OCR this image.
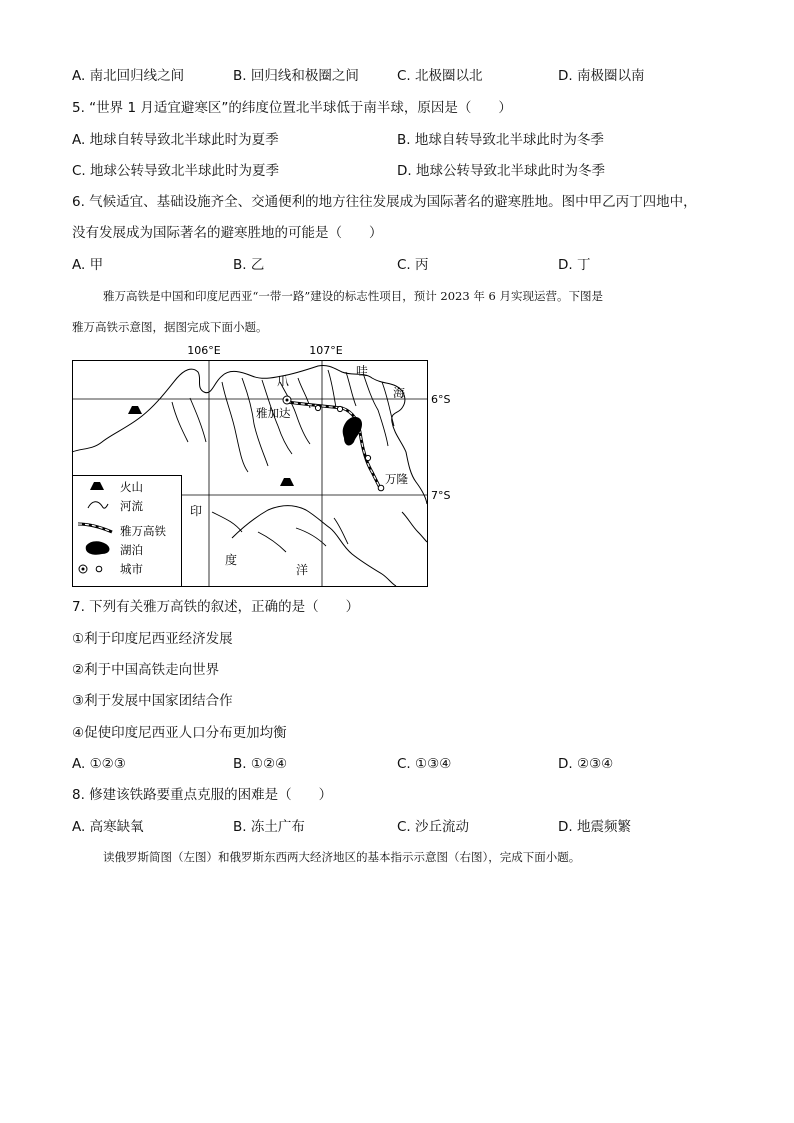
A. 南北回归线之间	B. 回归线和极圈之间	C. 北极圈以北	D. 南极圈以南
5. “世界 1 月适宜避寒区”的纬度位置北半球低于南半球，原因是（　　）
A. 地球自转导致北半球此时为夏季	B. 地球自转导致北半球此时为冬季
C. 地球公转导致北半球此时为夏季	D. 地球公转导致北半球此时为冬季
6. 气候适宜、基础设施齐全、交通便利的地方往往发展成为国际著名的避寒胜地。图中甲乙丙丁四地中，
没有发展成为国际著名的避寒胜地的可能是（　　）
A. 甲	B. 乙	C. 丙	D. 丁
雅万高铁是中国和印度尼西亚“一带一路”建设的标志性项目，预计 2023 年 6 月实现运营。下图是
雅万高铁示意图，据图完成下面小题。
106°E	107°E
爪
哇
海
雅加达
万隆
印
度
洋
6°S
7°S
火山
河流
雅万高铁
湖泊
城市
7. 下列有关雅万高铁的叙述，正确的是（　　）
①利于印度尼西亚经济发展
②利于中国高铁走向世界
③利于发展中国家团结合作
④促使印度尼西亚人口分布更加均衡
A. ①②③	B. ①②④	C. ①③④	D. ②③④
8. 修建该铁路要重点克服的困难是（　　）
A. 高寒缺氧	B. 冻土广布	C. 沙丘流动	D. 地震频繁
读俄罗斯简图（左图）和俄罗斯东西两大经济地区的基本指示示意图（右图），完成下面小题。
